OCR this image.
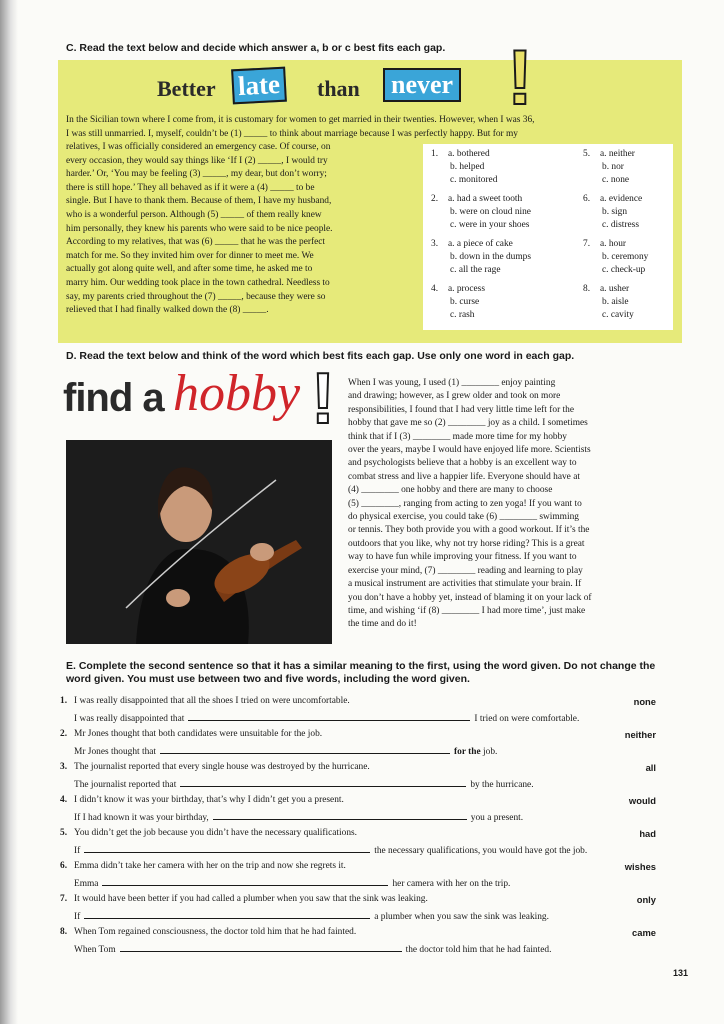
C. Read the text below and decide which answer a, b or c best fits each gap.
Better late than	never !
In the Sicilian town where I come from, it is customary for women to get married in their twenties. However, when I was 36,
I was still unmarried. I, myself, couldn’t be (1) _____ to think about marriage because I was perfectly happy. But for my
relatives, I was officially considered an emergency case. Of course, on
every occasion, they would say things like ‘If I (2) _____, I would try
harder.’ Or, ‘You may be feeling (3) _____, my dear, but don’t worry;
there is still hope.’ They all behaved as if it were a (4) _____ to be
single. But I have to thank them. Because of them, I have my husband,
who is a wonderful person. Although (5) _____ of them really knew
him personally, they knew his parents who were said to be nice people.
According to my relatives, that was (6) _____ that he was the perfect
match for me. So they invited him over for dinner to meet me. We
actually got along quite well, and after some time, he asked me to
marry him. Our wedding took place in the town cathedral. Needless to
say, my parents cried throughout the (7) _____, because they were so
relieved that I had finally walked down the (8) _____.
1. a. bothered
b. helped
c. monitored
2. a. had a sweet tooth
b. were on cloud nine
c. were in your shoes
3. a. a piece of cake
b. down in the dumps
c. all the rage
4. a. process
b. curse
c. rash
5. a. neither
b. nor
c. none
6. a. evidence
b. sign
c. distress
7. a. hour
b. ceremony
c. check-up
8. a. usher
b. aisle
c. cavity
D. Read the text below and think of the word which best fits each gap. Use only one word in each gap.
find a hobby ! When I was young, I used (1) ________ enjoy painting
and drawing; however, as I grew older and took on more
responsibilities, I found that I had very little time left for the
hobby that gave me so (2) ________ joy as a child. I sometimes
think that if I (3) ________ made more time for my hobby
over the years, maybe I would have enjoyed life more. Scientists
and psychologists believe that a hobby is an excellent way to
combat stress and live a happier life. Everyone should have at
(4) ________ one hobby and there are many to choose
(5) ________, ranging from acting to zen yoga! If you want to
do physical exercise, you could take (6) ________ swimming
or tennis. They both provide you with a good workout. If it’s the
outdoors that you like, why not try horse riding? This is a great
way to have fun while improving your fitness. If you want to
exercise your mind, (7) ________ reading and learning to play
a musical instrument are activities that stimulate your brain. If
you don’t have a hobby yet, instead of blaming it on your lack of
time, and wishing ‘if (8) ________ I had more time’, just make
the time and do it!
E. Complete the second sentence so that it has a similar meaning to the first, using the word given. Do not change the word given. You must use between two and five words, including the word given.
1. I was really disappointed that all the shoes I tried on were uncomfortable.	none
I was really disappointed that	I tried on were comfortable.
2. Mr Jones thought that both candidates were unsuitable for the job.	neither
Mr Jones thought that	for the job.
3. The journalist reported that every single house was destroyed by the hurricane.	all
The journalist reported that	by the hurricane.
4. I didn’t know it was your birthday, that’s why I didn’t get you a present.	would
If I had known it was your birthday,	you a present.
5. You didn’t get the job because you didn’t have the necessary qualifications.	had
If	the necessary qualifications, you would have got the job.
6. Emma didn’t take her camera with her on the trip and now she regrets it.	wishes
Emma	her camera with her on the trip.
7. It would have been better if you had called a plumber when you saw that the sink was leaking.	only
If	a plumber when you saw the sink was leaking.
8. When Tom regained consciousness, the doctor told him that he had fainted.	came
When Tom	the doctor told him that he had fainted.
131
